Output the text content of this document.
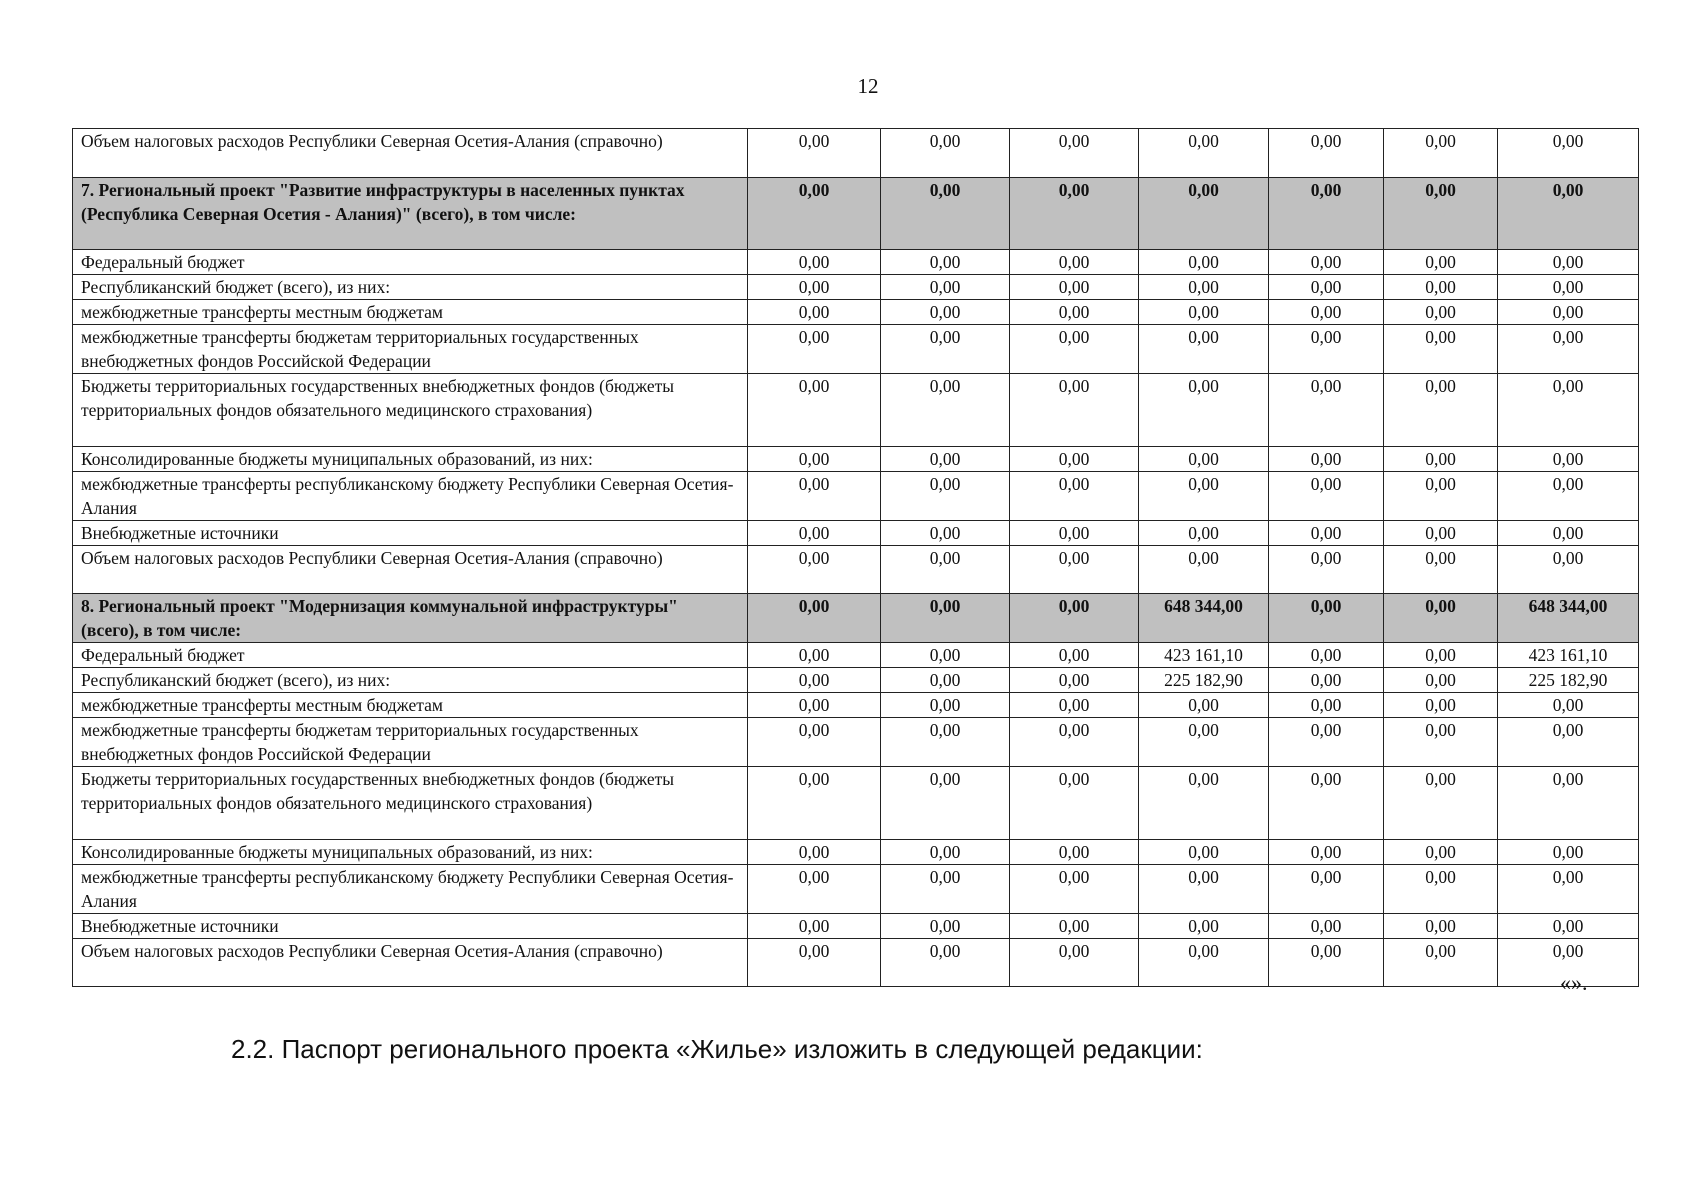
12
Объем налоговых расходов Республики Северная Осетия-Алания (справочно)	0,00	0,00	0,00	0,00	0,00	0,00	0,00
7. Региональный проект "Развитие инфраструктуры в населенных пунктах (Республика Северная Осетия - Алания)" (всего), в том числе:	0,00	0,00	0,00	0,00	0,00	0,00	0,00
Федеральный бюджет	0,00	0,00	0,00	0,00	0,00	0,00	0,00
Республиканский бюджет (всего), из них:	0,00	0,00	0,00	0,00	0,00	0,00	0,00
межбюджетные трансферты местным бюджетам	0,00	0,00	0,00	0,00	0,00	0,00	0,00
межбюджетные трансферты бюджетам территориальных государственных внебюджетных фондов Российской Федерации	0,00	0,00	0,00	0,00	0,00	0,00	0,00
Бюджеты территориальных государственных внебюджетных фондов (бюджеты территориальных фондов обязательного медицинского страхования)	0,00	0,00	0,00	0,00	0,00	0,00	0,00
Консолидированные бюджеты муниципальных образований, из них:	0,00	0,00	0,00	0,00	0,00	0,00	0,00
межбюджетные трансферты республиканскому бюджету Республики Северная Осетия-Алания	0,00	0,00	0,00	0,00	0,00	0,00	0,00
Внебюджетные источники	0,00	0,00	0,00	0,00	0,00	0,00	0,00
Объем налоговых расходов Республики Северная Осетия-Алания (справочно)	0,00	0,00	0,00	0,00	0,00	0,00	0,00
8. Региональный проект "Модернизация коммунальной инфраструктуры" (всего), в том числе:	0,00	0,00	0,00	648 344,00	0,00	0,00	648 344,00
Федеральный бюджет	0,00	0,00	0,00	423 161,10	0,00	0,00	423 161,10
Республиканский бюджет (всего), из них:	0,00	0,00	0,00	225 182,90	0,00	0,00	225 182,90
межбюджетные трансферты местным бюджетам	0,00	0,00	0,00	0,00	0,00	0,00	0,00
межбюджетные трансферты бюджетам территориальных государственных внебюджетных фондов Российской Федерации	0,00	0,00	0,00	0,00	0,00	0,00	0,00
Бюджеты территориальных государственных внебюджетных фондов (бюджеты территориальных фондов обязательного медицинского страхования)	0,00	0,00	0,00	0,00	0,00	0,00	0,00
Консолидированные бюджеты муниципальных образований, из них:	0,00	0,00	0,00	0,00	0,00	0,00	0,00
межбюджетные трансферты республиканскому бюджету Республики Северная Осетия-Алания	0,00	0,00	0,00	0,00	0,00	0,00	0,00
Внебюджетные источники	0,00	0,00	0,00	0,00	0,00	0,00	0,00
Объем налоговых расходов Республики Северная Осетия-Алания (справочно)	0,00	0,00	0,00	0,00	0,00	0,00	0,00
«».
2.2. Паспорт регионального проекта «Жилье» изложить в следующей редакции:
